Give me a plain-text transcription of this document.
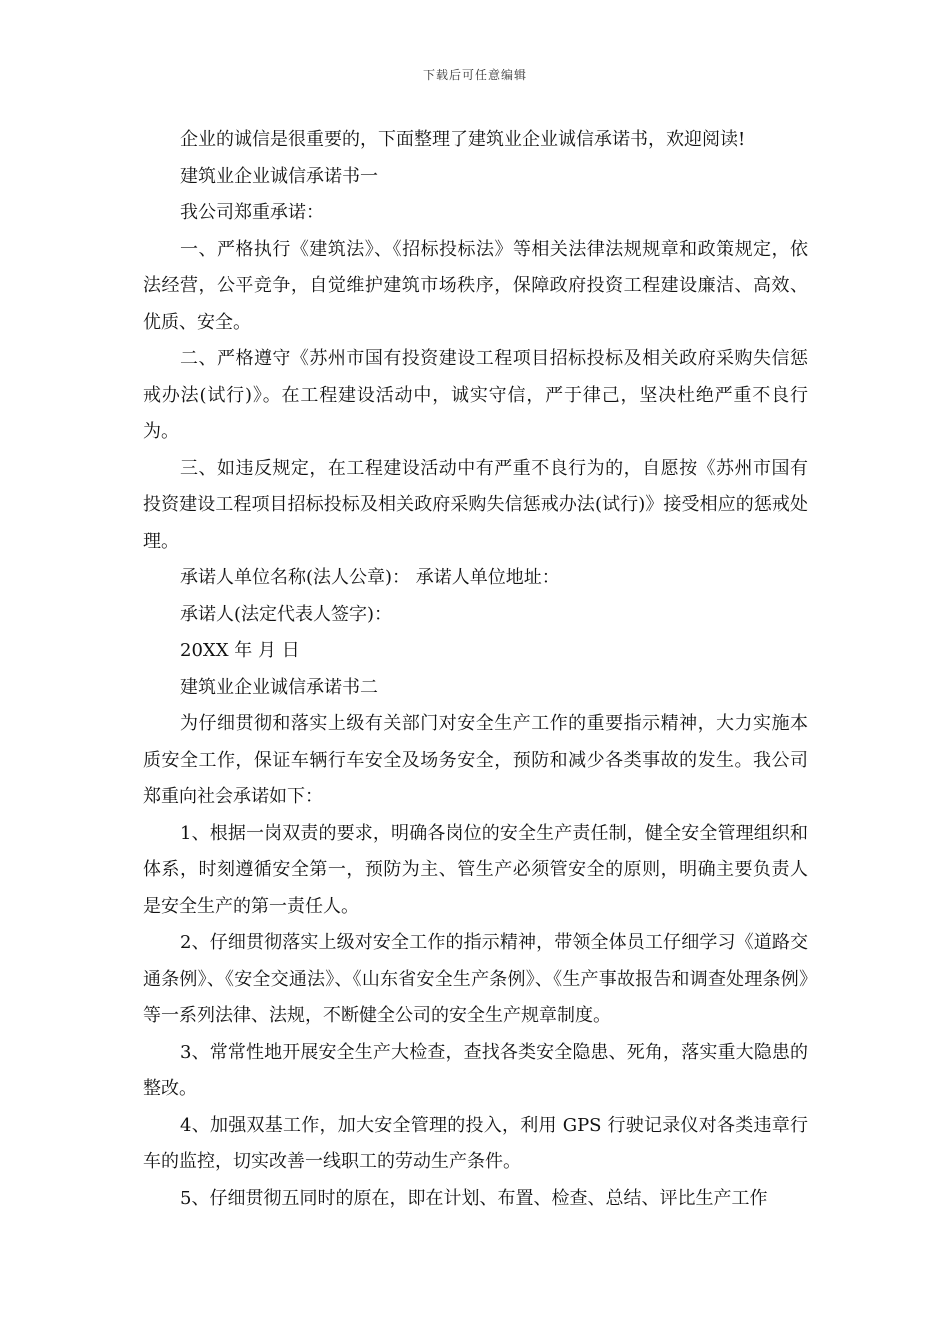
下载后可任意编辑

企业的诚信是很重要的，下面整理了建筑业企业诚信承诺书，欢迎阅读!

建筑业企业诚信承诺书一

我公司郑重承诺：

一、严格执行《建筑法》、《招标投标法》等相关法律法规规章和政策规定，依法经营，公平竞争，自觉维护建筑市场秩序，保障政府投资工程建设廉洁、高效、优质、安全。

二、严格遵守《苏州市国有投资建设工程项目招标投标及相关政府采购失信惩戒办法(试行)》。在工程建设活动中，诚实守信，严于律己，坚决杜绝严重不良行为。

三、如违反规定，在工程建设活动中有严重不良行为的，自愿按《苏州市国有投资建设工程项目招标投标及相关政府采购失信惩戒办法(试行)》接受相应的惩戒处理。

承诺人单位名称(法人公章)： 承诺人单位地址：

承诺人(法定代表人签字)：

20XX 年 月 日

建筑业企业诚信承诺书二

为仔细贯彻和落实上级有关部门对安全生产工作的重要指示精神，大力实施本质安全工作，保证车辆行车安全及场务安全，预防和减少各类事故的发生。我公司郑重向社会承诺如下：

1、根据一岗双责的要求，明确各岗位的安全生产责任制，健全安全管理组织和体系，时刻遵循安全第一，预防为主、管生产必须管安全的原则，明确主要负责人是安全生产的第一责任人。

2、仔细贯彻落实上级对安全工作的指示精神，带领全体员工仔细学习《道路交通条例》、《安全交通法》、《山东省安全生产条例》、《生产事故报告和调查处理条例》等一系列法律、法规，不断健全公司的安全生产规章制度。

3、常常性地开展安全生产大检查，查找各类安全隐患、死角，落实重大隐患的整改。

4、加强双基工作，加大安全管理的投入，利用 GPS 行驶记录仪对各类违章行车的监控，切实改善一线职工的劳动生产条件。

5、仔细贯彻五同时的原在，即在计划、布置、检查、总结、评比生产工作
